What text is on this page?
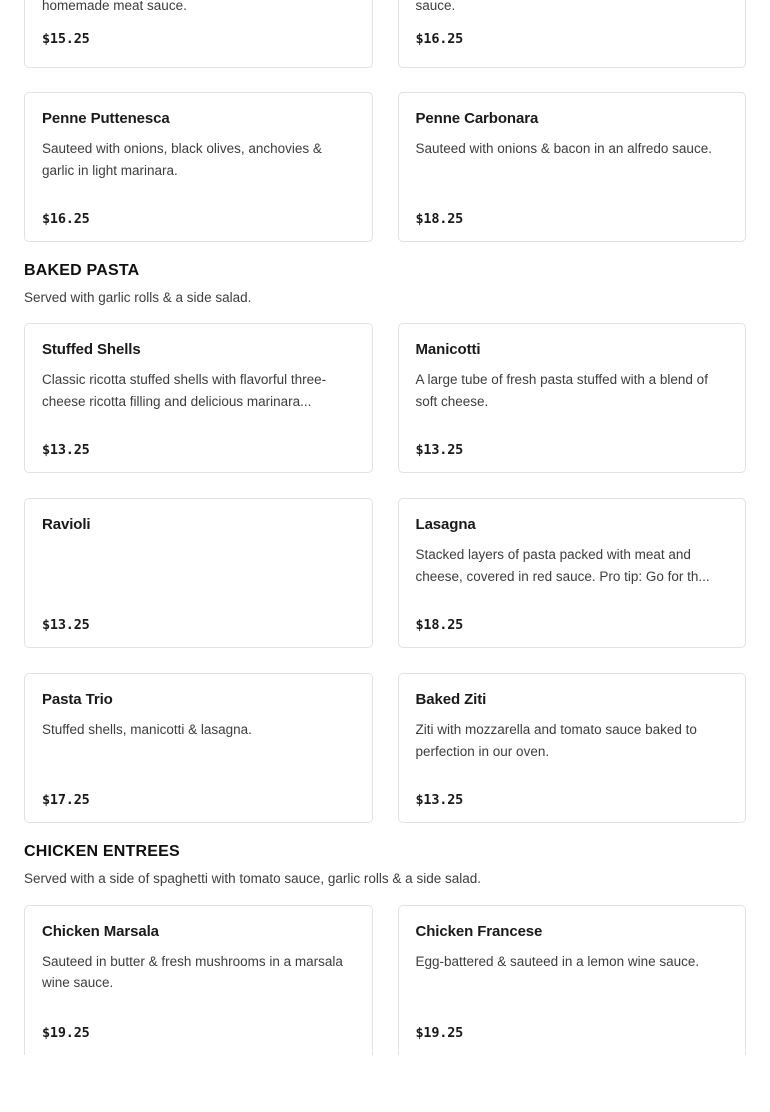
homemade meat sauce.

$15.25

sauce.

$16.25
Penne Puttenesca

Sauteed with onions, black olives, anchovies & garlic in light marinara.

$16.25
Penne Carbonara

Sauteed with onions & bacon in an alfredo sauce.

$18.25
BAKED PASTA

Served with garlic rolls & a side salad.

Stuffed Shells

Classic ricotta stuffed shells with flavorful three-cheese ricotta filling and delicious marinara...

$13.25
Manicotti

A large tube of fresh pasta stuffed with a blend of soft cheese.

$13.25
Ravioli

$13.25
Lasagna

Stacked layers of pasta packed with meat and cheese, covered in red sauce. Pro tip: Go for th...

$18.25
Pasta Trio

Stuffed shells, manicotti & lasagna.

$17.25
Baked Ziti

Ziti with mozzarella and tomato sauce baked to perfection in our oven.

$13.25
CHICKEN ENTREES

Served with a side of spaghetti with tomato sauce, garlic rolls & a side salad.

Chicken Marsala

Sauteed in butter & fresh mushrooms in a marsala wine sauce.

$19.25
Chicken Francese

Egg-battered & sauteed in a lemon wine sauce.

$19.25
